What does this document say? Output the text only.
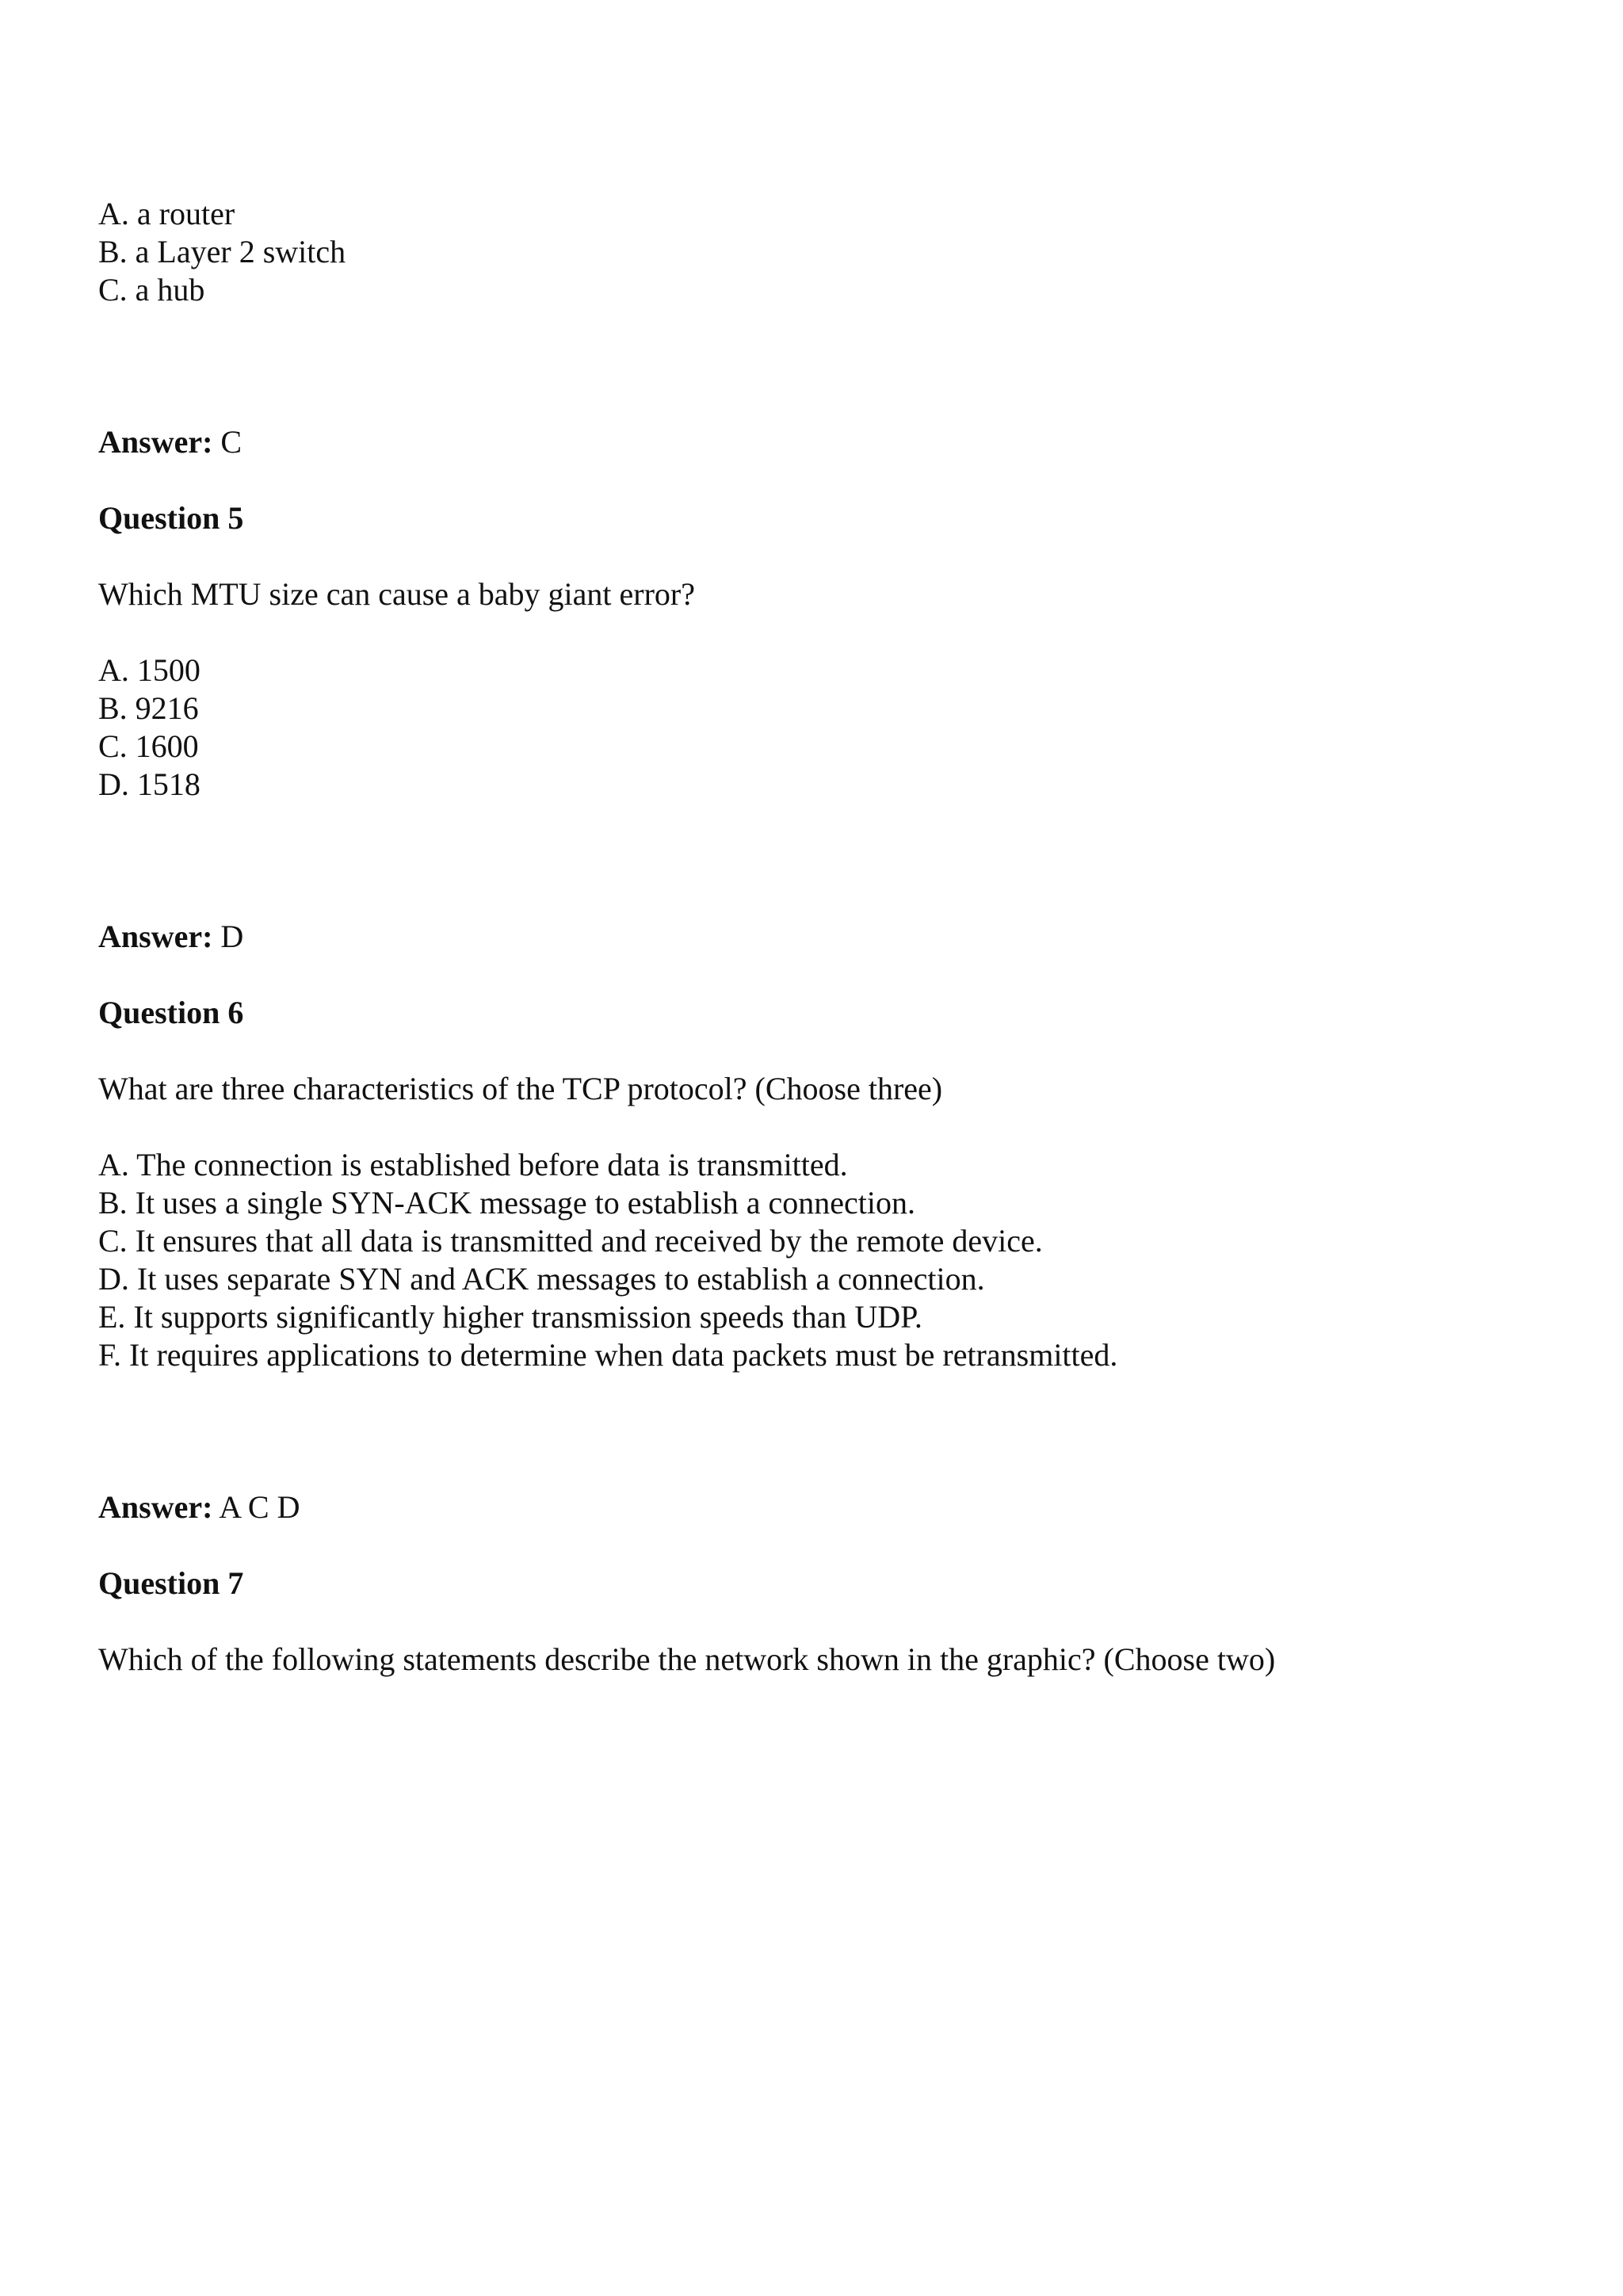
A. a router
B. a Layer 2 switch
C. a hub
Answer: C
Question 5
Which MTU size can cause a baby giant error?
A. 1500
B. 9216
C. 1600
D. 1518
Answer: D
Question 6
What are three characteristics of the TCP protocol? (Choose three)
A. The connection is established before data is transmitted.
B. It uses a single SYN-ACK message to establish a connection.
C. It ensures that all data is transmitted and received by the remote device.
D. It uses separate SYN and ACK messages to establish a connection.
E. It supports significantly higher transmission speeds than UDP.
F. It requires applications to determine when data packets must be retransmitted.
Answer: A C D
Question 7
Which of the following statements describe the network shown in the graphic? (Choose two)
